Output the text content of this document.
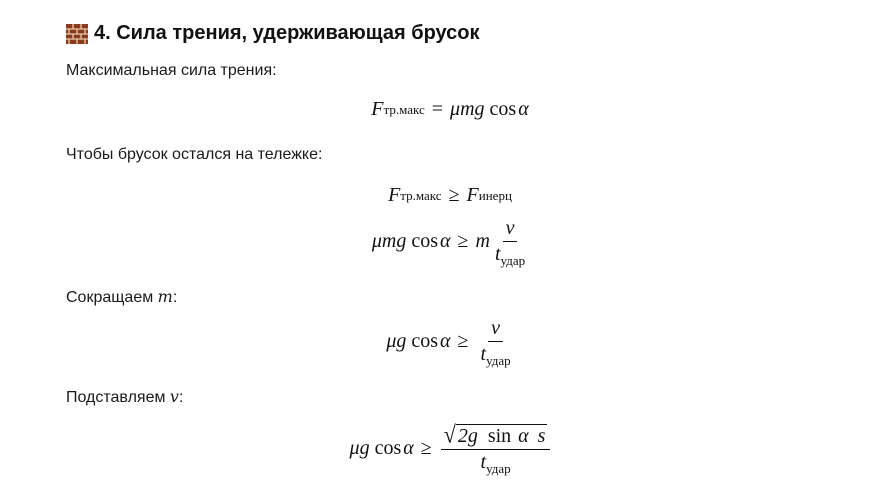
4. Сила трения, удерживающая брусок
Максимальная сила трения:
F тр.макс = μmg cos α
Чтобы брусок остался на тележке:
F тр.макс ≥ F инерц
μmg cos α ≥ m $\frac{v}{t_{удар}}$
Сокращаем m:
μg $\cos \alpha \ge \frac{v}{t_{удар}}$
Подставляем v:
μg cos α ≥ √ 2g sin α s
$t_{удар}$
